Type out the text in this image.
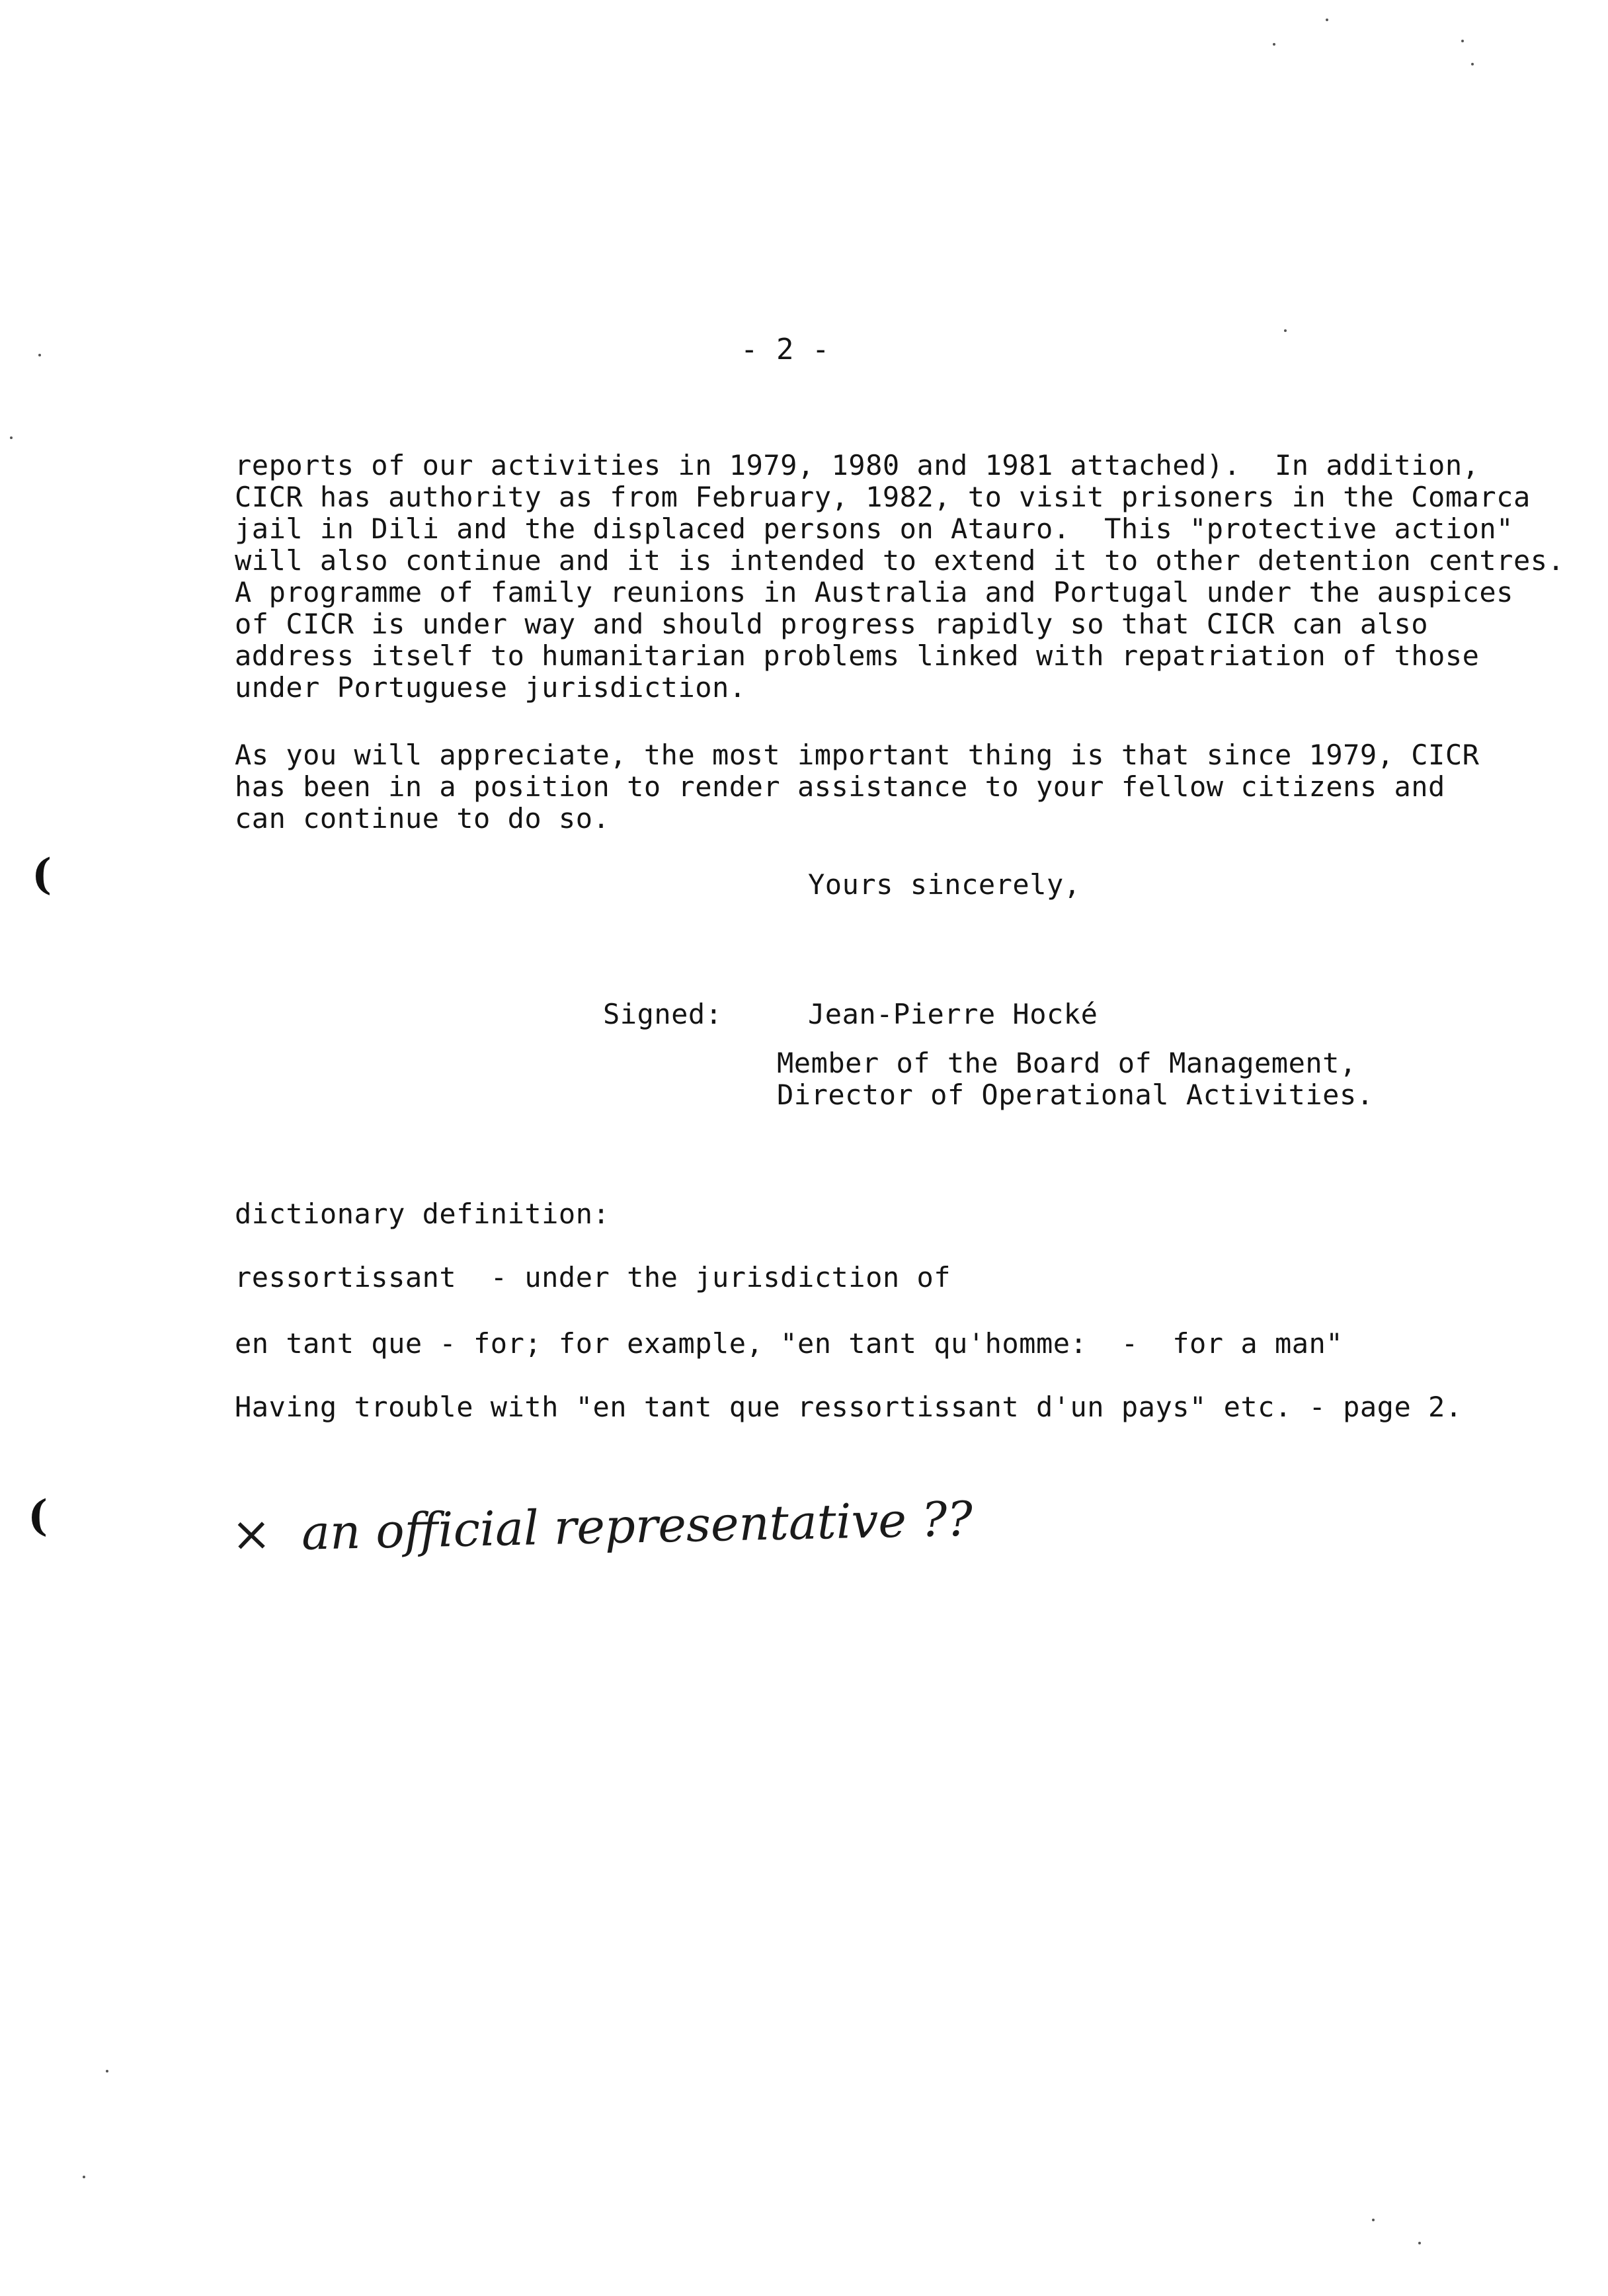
- 2 -
reports of our activities in 1979, 1980 and 1981 attached).  In addition,
CICR has authority as from February, 1982, to visit prisoners in the Comarca
jail in Dili and the displaced persons on Atauro.  This "protective action"
will also continue and it is intended to extend it to other detention centres.
A programme of family reunions in Australia and Portugal under the auspices
of CICR is under way and should progress rapidly so that CICR can also
address itself to humanitarian problems linked with repatriation of those
under Portuguese jurisdiction.
As you will appreciate, the most important thing is that since 1979, CICR
has been in a position to render assistance to your fellow citizens and
can continue to do so.
Yours sincerely,
Signed:	Jean-Pierre Hocké
Member of the Board of Management,
Director of Operational Activities.
dictionary definition:
ressortissant  - under the jurisdiction of
en tant que - for; for example, "en tant qu'homme:  -  for a man"
Having trouble with "en tant que ressortissant d'un pays" etc. - page 2.
×  an official representative ??
(
(
